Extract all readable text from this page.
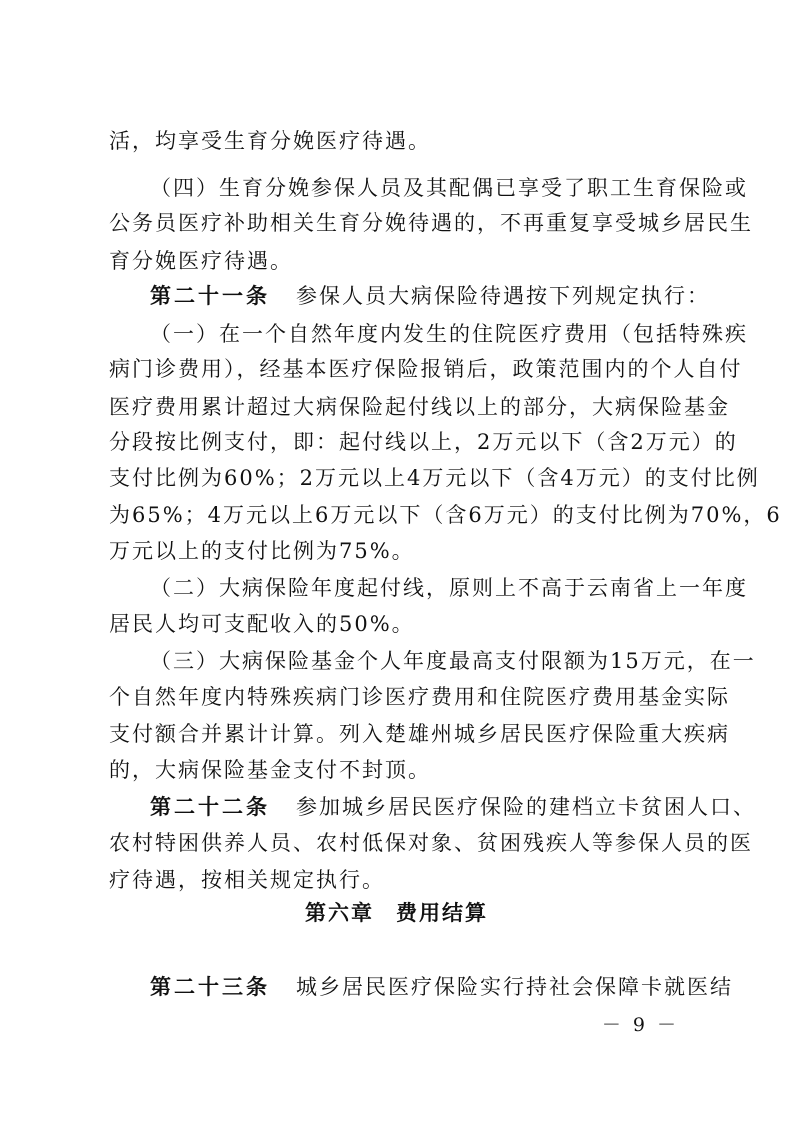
活，均享受生育分娩医疗待遇。
（四）生育分娩参保人员及其配偶已享受了职工生育保险或
公务员医疗补助相关生育分娩待遇的，不再重复享受城乡居民生
育分娩医疗待遇。
第二十一条 参保人员大病保险待遇按下列规定执行：
（一）在一个自然年度内发生的住院医疗费用（包括特殊疾
病门诊费用），经基本医疗保险报销后，政策范围内的个人自付
医疗费用累计超过大病保险起付线以上的部分，大病保险基金
分段按比例支付，即：起付线以上，2万元以下（含2万元）的
支付比例为60%；2万元以上4万元以下（含4万元）的支付比例
为65%；4万元以上6万元以下（含6万元）的支付比例为70%，6
万元以上的支付比例为75%。
（二）大病保险年度起付线，原则上不高于云南省上一年度
居民人均可支配收入的50%。
（三）大病保险基金个人年度最高支付限额为15万元，在一
个自然年度内特殊疾病门诊医疗费用和住院医疗费用基金实际
支付额合并累计计算。列入楚雄州城乡居民医疗保险重大疾病
的，大病保险基金支付不封顶。
第二十二条 参加城乡居民医疗保险的建档立卡贫困人口、
农村特困供养人员、农村低保对象、贫困残疾人等参保人员的医
疗待遇，按相关规定执行。
第六章 费用结算
第二十三条 城乡居民医疗保险实行持社会保障卡就医结
－ 9 －
